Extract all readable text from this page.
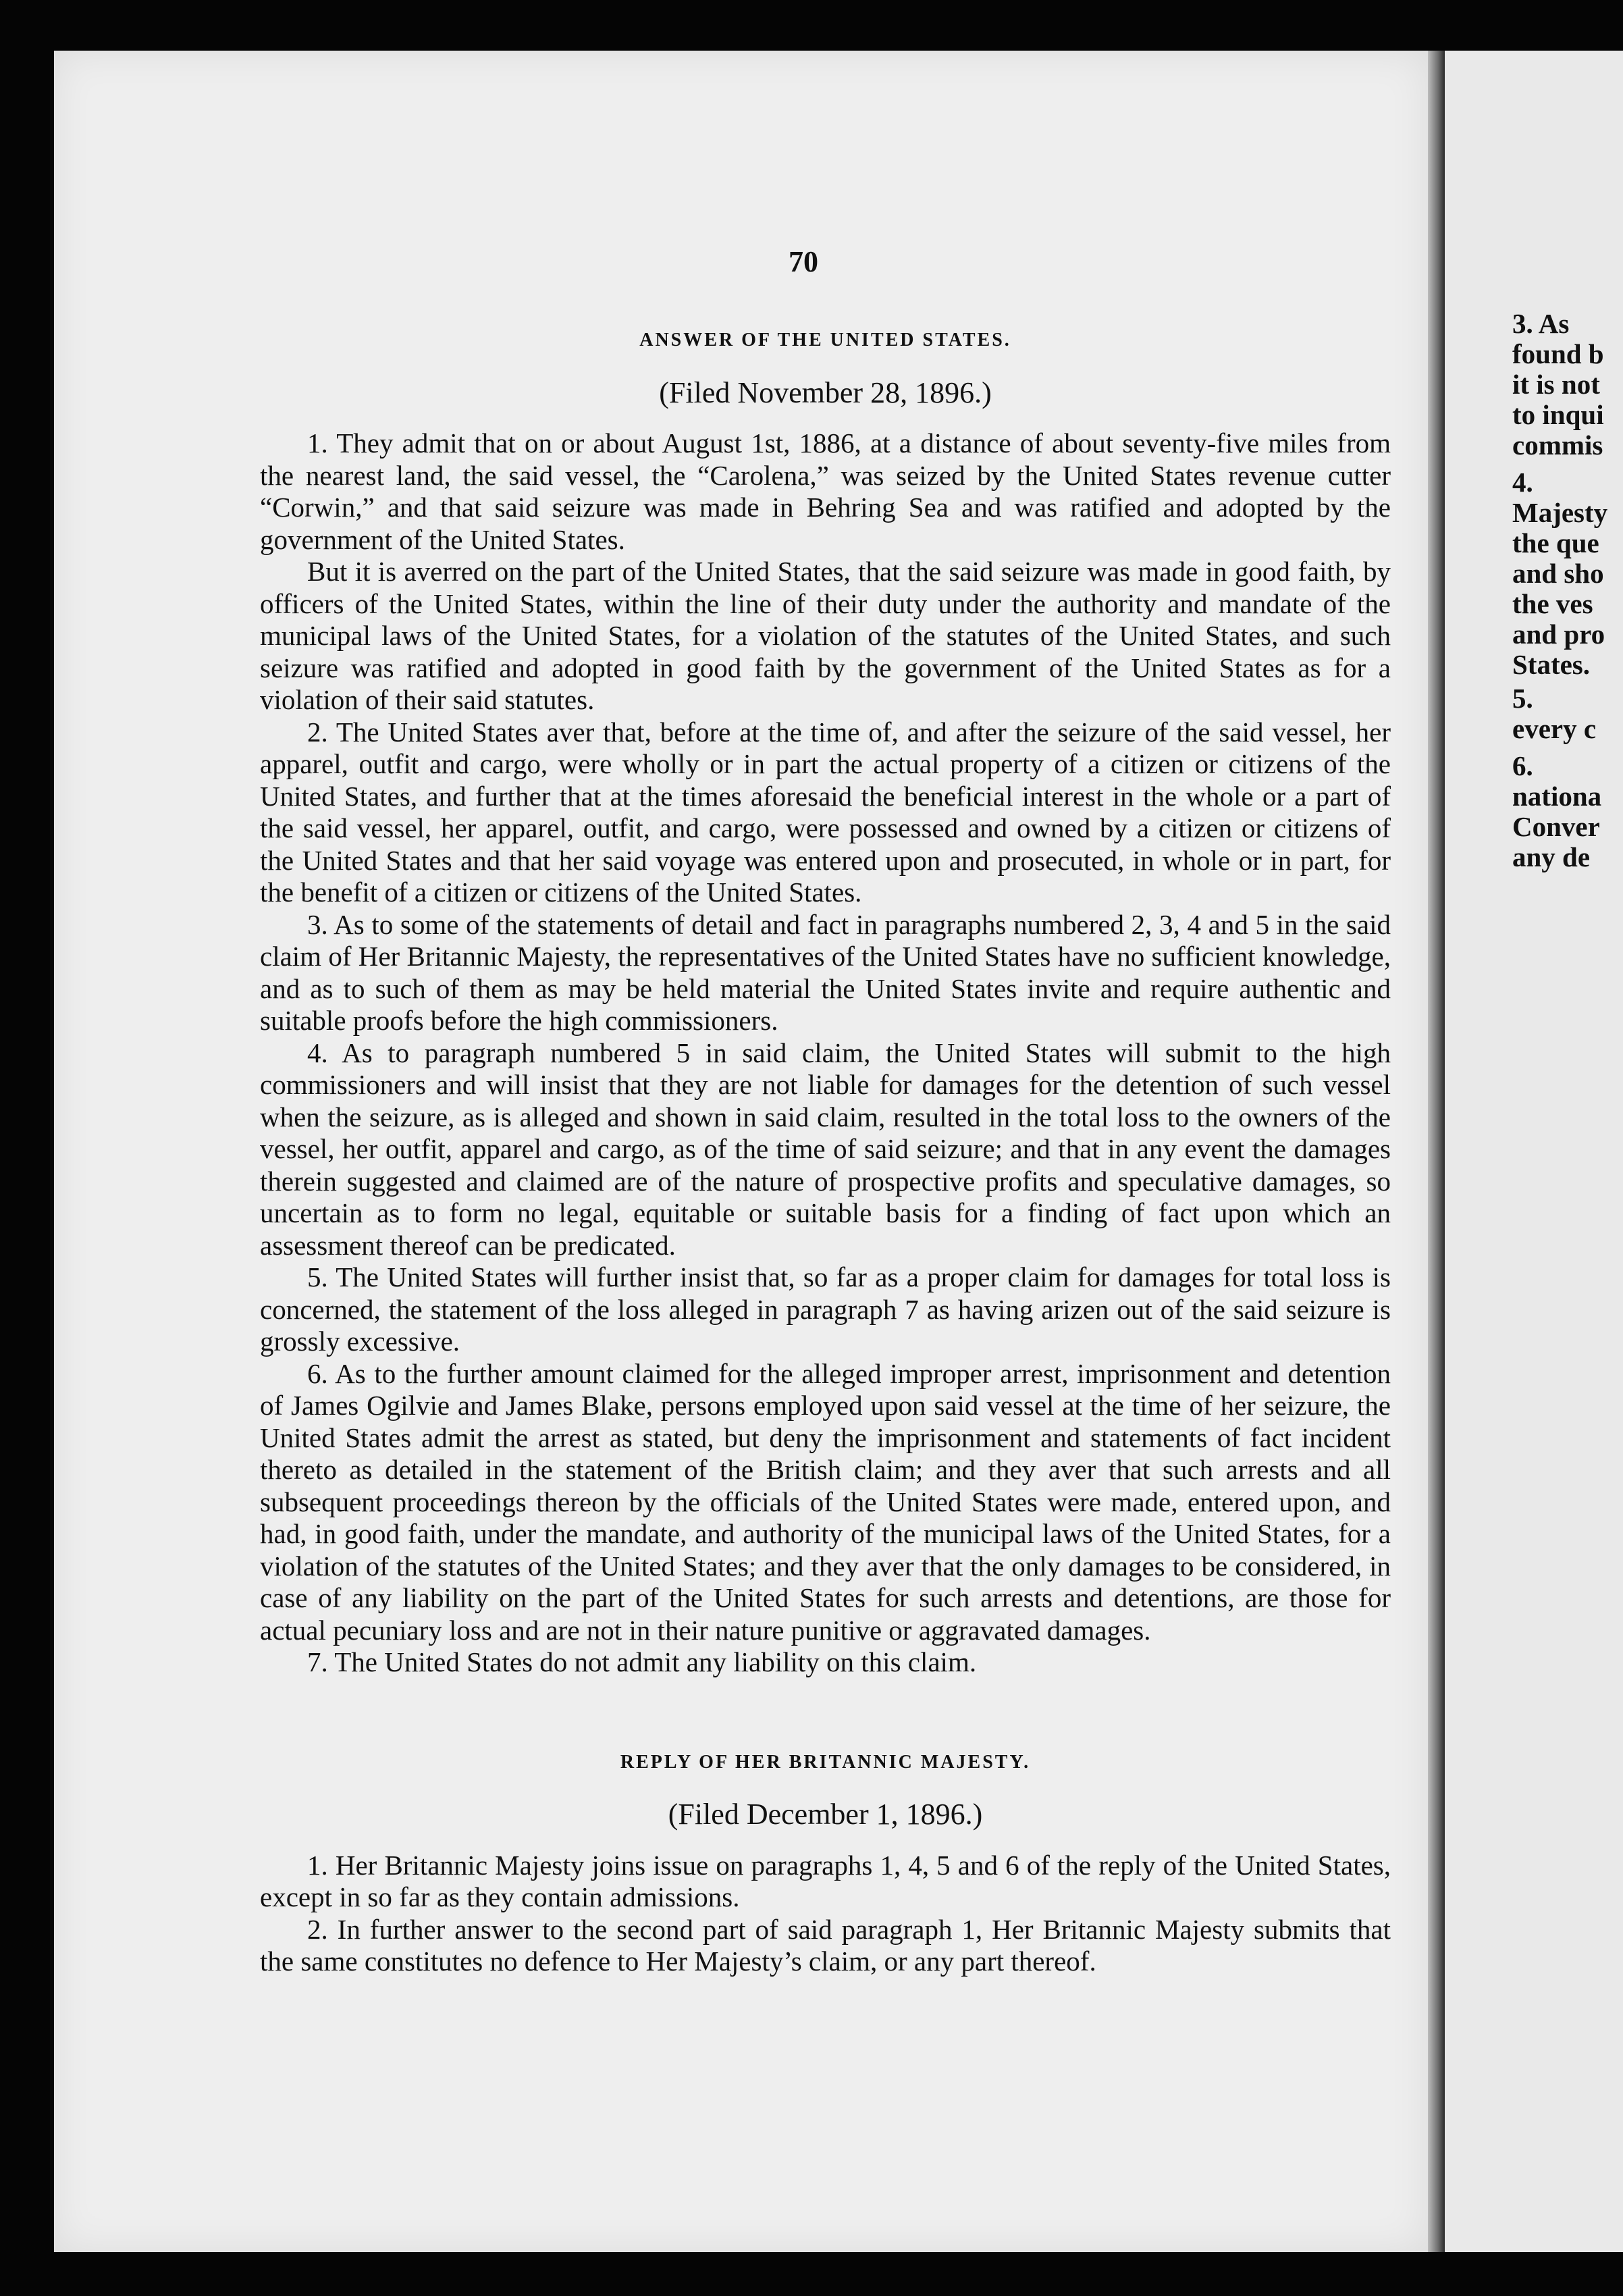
3. As
found b
it is not
to inqui
commis
4.
Majesty
the que
and sho
the ves
and pro
States.
5.
every c
6.
nationa
Conver
any de
70
ANSWER OF THE UNITED STATES.
(Filed November 28, 1896.)

1. They admit that on or about August 1st, 1886, at a distance of about seventy-five miles from the nearest land, the said vessel, the “Carolena,” was seized by the United States revenue cutter “Corwin,” and that said seizure was made in Behring Sea and was ratified and adopted by the government of the United States.

But it is averred on the part of the United States, that the said seizure was made in good faith, by officers of the United States, within the line of their duty under the authority and mandate of the municipal laws of the United States, for a violation of the statutes of the United States, and such seizure was ratified and adopted in good faith by the government of the United States as for a violation of their said statutes.

2. The United States aver that, before at the time of, and after the seizure of the said vessel, her apparel, outfit and cargo, were wholly or in part the actual property of a citizen or citizens of the United States, and further that at the times aforesaid the beneficial interest in the whole or a part of the said vessel, her apparel, outfit, and cargo, were possessed and owned by a citizen or citizens of the United States and that her said voyage was entered upon and prosecuted, in whole or in part, for the benefit of a citizen or citizens of the United States.

3. As to some of the statements of detail and fact in paragraphs numbered 2, 3, 4 and 5 in the said claim of Her Britannic Majesty, the representatives of the United States have no sufficient knowledge, and as to such of them as may be held material the United States invite and require authentic and suitable proofs before the high commissioners.

4. As to paragraph numbered 5 in said claim, the United States will submit to the high commissioners and will insist that they are not liable for damages for the detention of such vessel when the seizure, as is alleged and shown in said claim, resulted in the total loss to the owners of the vessel, her outfit, apparel and cargo, as of the time of said seizure; and that in any event the damages therein suggested and claimed are of the nature of prospective profits and speculative damages, so uncertain as to form no legal, equitable or suitable basis for a finding of fact upon which an assessment thereof can be predicated.

5. The United States will further insist that, so far as a proper claim for damages for total loss is concerned, the statement of the loss alleged in paragraph 7 as having arizen out of the said seizure is grossly excessive.

6. As to the further amount claimed for the alleged improper arrest, imprisonment and detention of James Ogilvie and James Blake, persons employed upon said vessel at the time of her seizure, the United States admit the arrest as stated, but deny the imprisonment and statements of fact incident thereto as detailed in the statement of the British claim; and they aver that such arrests and all subsequent proceedings thereon by the officials of the United States were made, entered upon, and had, in good faith, under the mandate, and authority of the municipal laws of the United States, for a violation of the statutes of the United States; and they aver that the only damages to be considered, in case of any liability on the part of the United States for such arrests and detentions, are those for actual pecuniary loss and are not in their nature punitive or aggravated damages.

7. The United States do not admit any liability on this claim.

REPLY OF HER BRITANNIC MAJESTY.
(Filed December 1, 1896.)

1. Her Britannic Majesty joins issue on paragraphs 1, 4, 5 and 6 of the reply of the United States, except in so far as they contain admissions.

2. In further answer to the second part of said paragraph 1, Her Britannic Majesty submits that the same constitutes no defence to Her Majesty’s claim, or any part thereof.
